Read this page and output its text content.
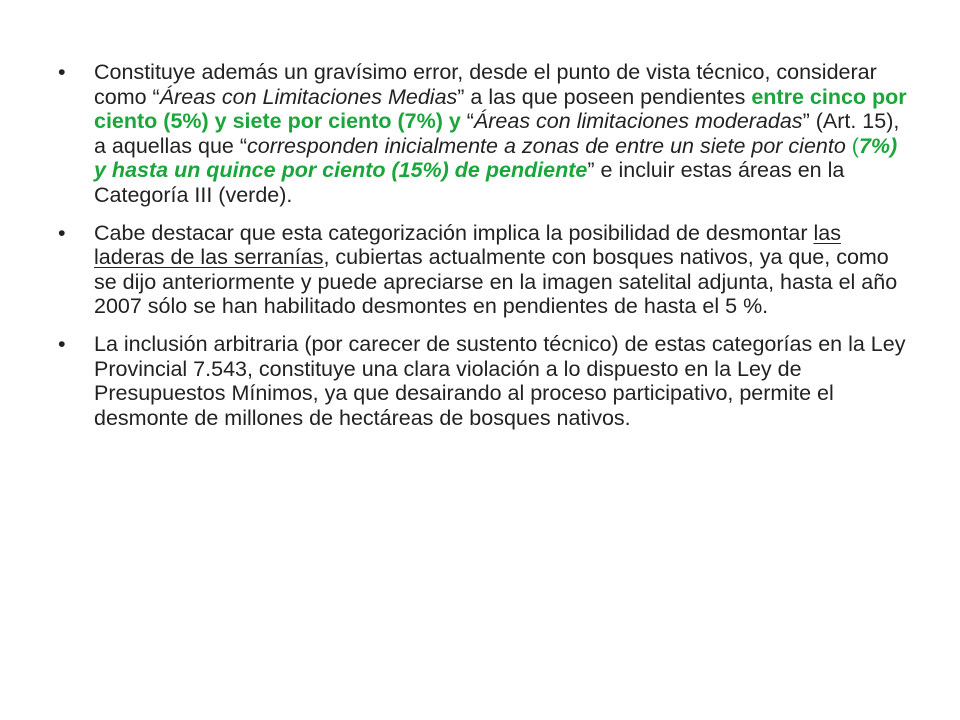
•	Constituye además un gravísimo error, desde el punto de vista técnico, considerar como “Áreas con Limitaciones Medias” a las que poseen pendientes entre cinco por ciento (5%) y siete por ciento (7%) y “Áreas con limitaciones moderadas” (Art. 15), a aquellas que “corresponden inicialmente a zonas de entre un siete por ciento (7%) y hasta un quince por ciento (15%) de pendiente” e incluir estas áreas en la Categoría III (verde).
•	Cabe destacar que esta categorización implica la posibilidad de desmontar las laderas de las serranías, cubiertas actualmente con bosques nativos, ya que, como se dijo anteriormente y puede apreciarse en la imagen satelital adjunta, hasta el año 2007 sólo se han habilitado desmontes en pendientes de hasta el 5 %.
•	La inclusión arbitraria (por carecer de sustento técnico) de estas categorías en la Ley Provincial 7.543, constituye una clara violación a lo dispuesto en la Ley de Presupuestos Mínimos, ya que desairando al proceso participativo, permite el desmonte de millones de hectáreas de bosques nativos.
